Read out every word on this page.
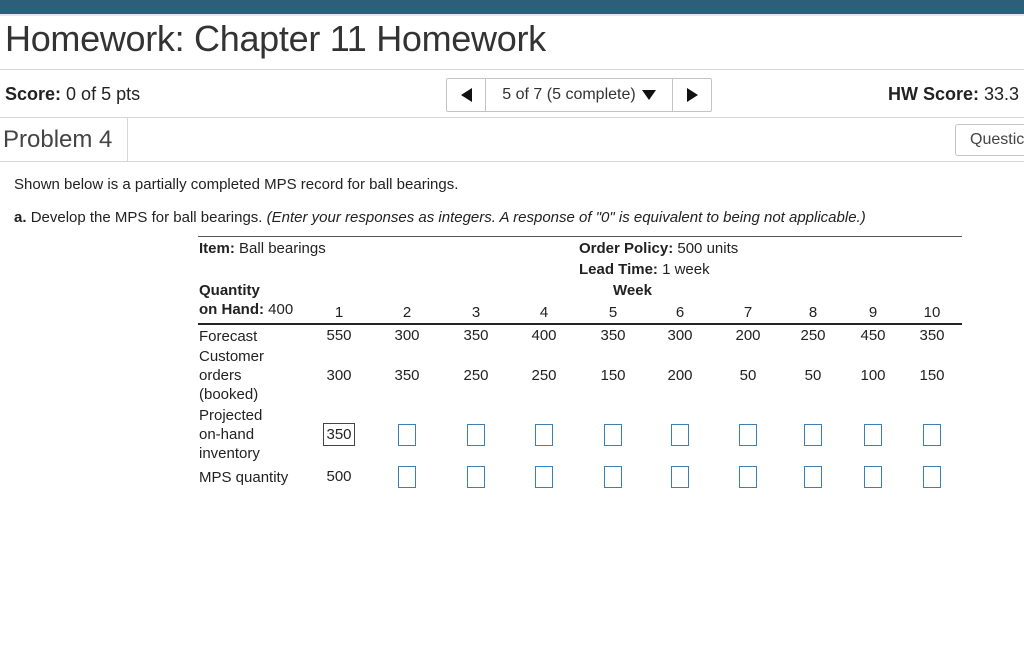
Homework: Chapter 11 Homework
Score: 0 of 5 pts	5 of 7 (5 complete)	HW Score: 33.3
Problem 4	Questic
Shown below is a partially completed MPS record for ball bearings.
a. Develop the MPS for ball bearings. (Enter your responses as integers. A response of "0" is equivalent to being not applicable.)
Item: Ball bearings	Order Policy: 500 units
Lead Time: 1 week
Week
Quantity
on Hand: 400	1	2	3	4	5	6	7	8	9	10
Forecast	550	300	350	400	350	300	200	250	450	350
Customer
orders
(booked)
300	350	250	250	150	200	50	50	100	150
Projected
on-hand
inventory
350
MPS quantity	500
